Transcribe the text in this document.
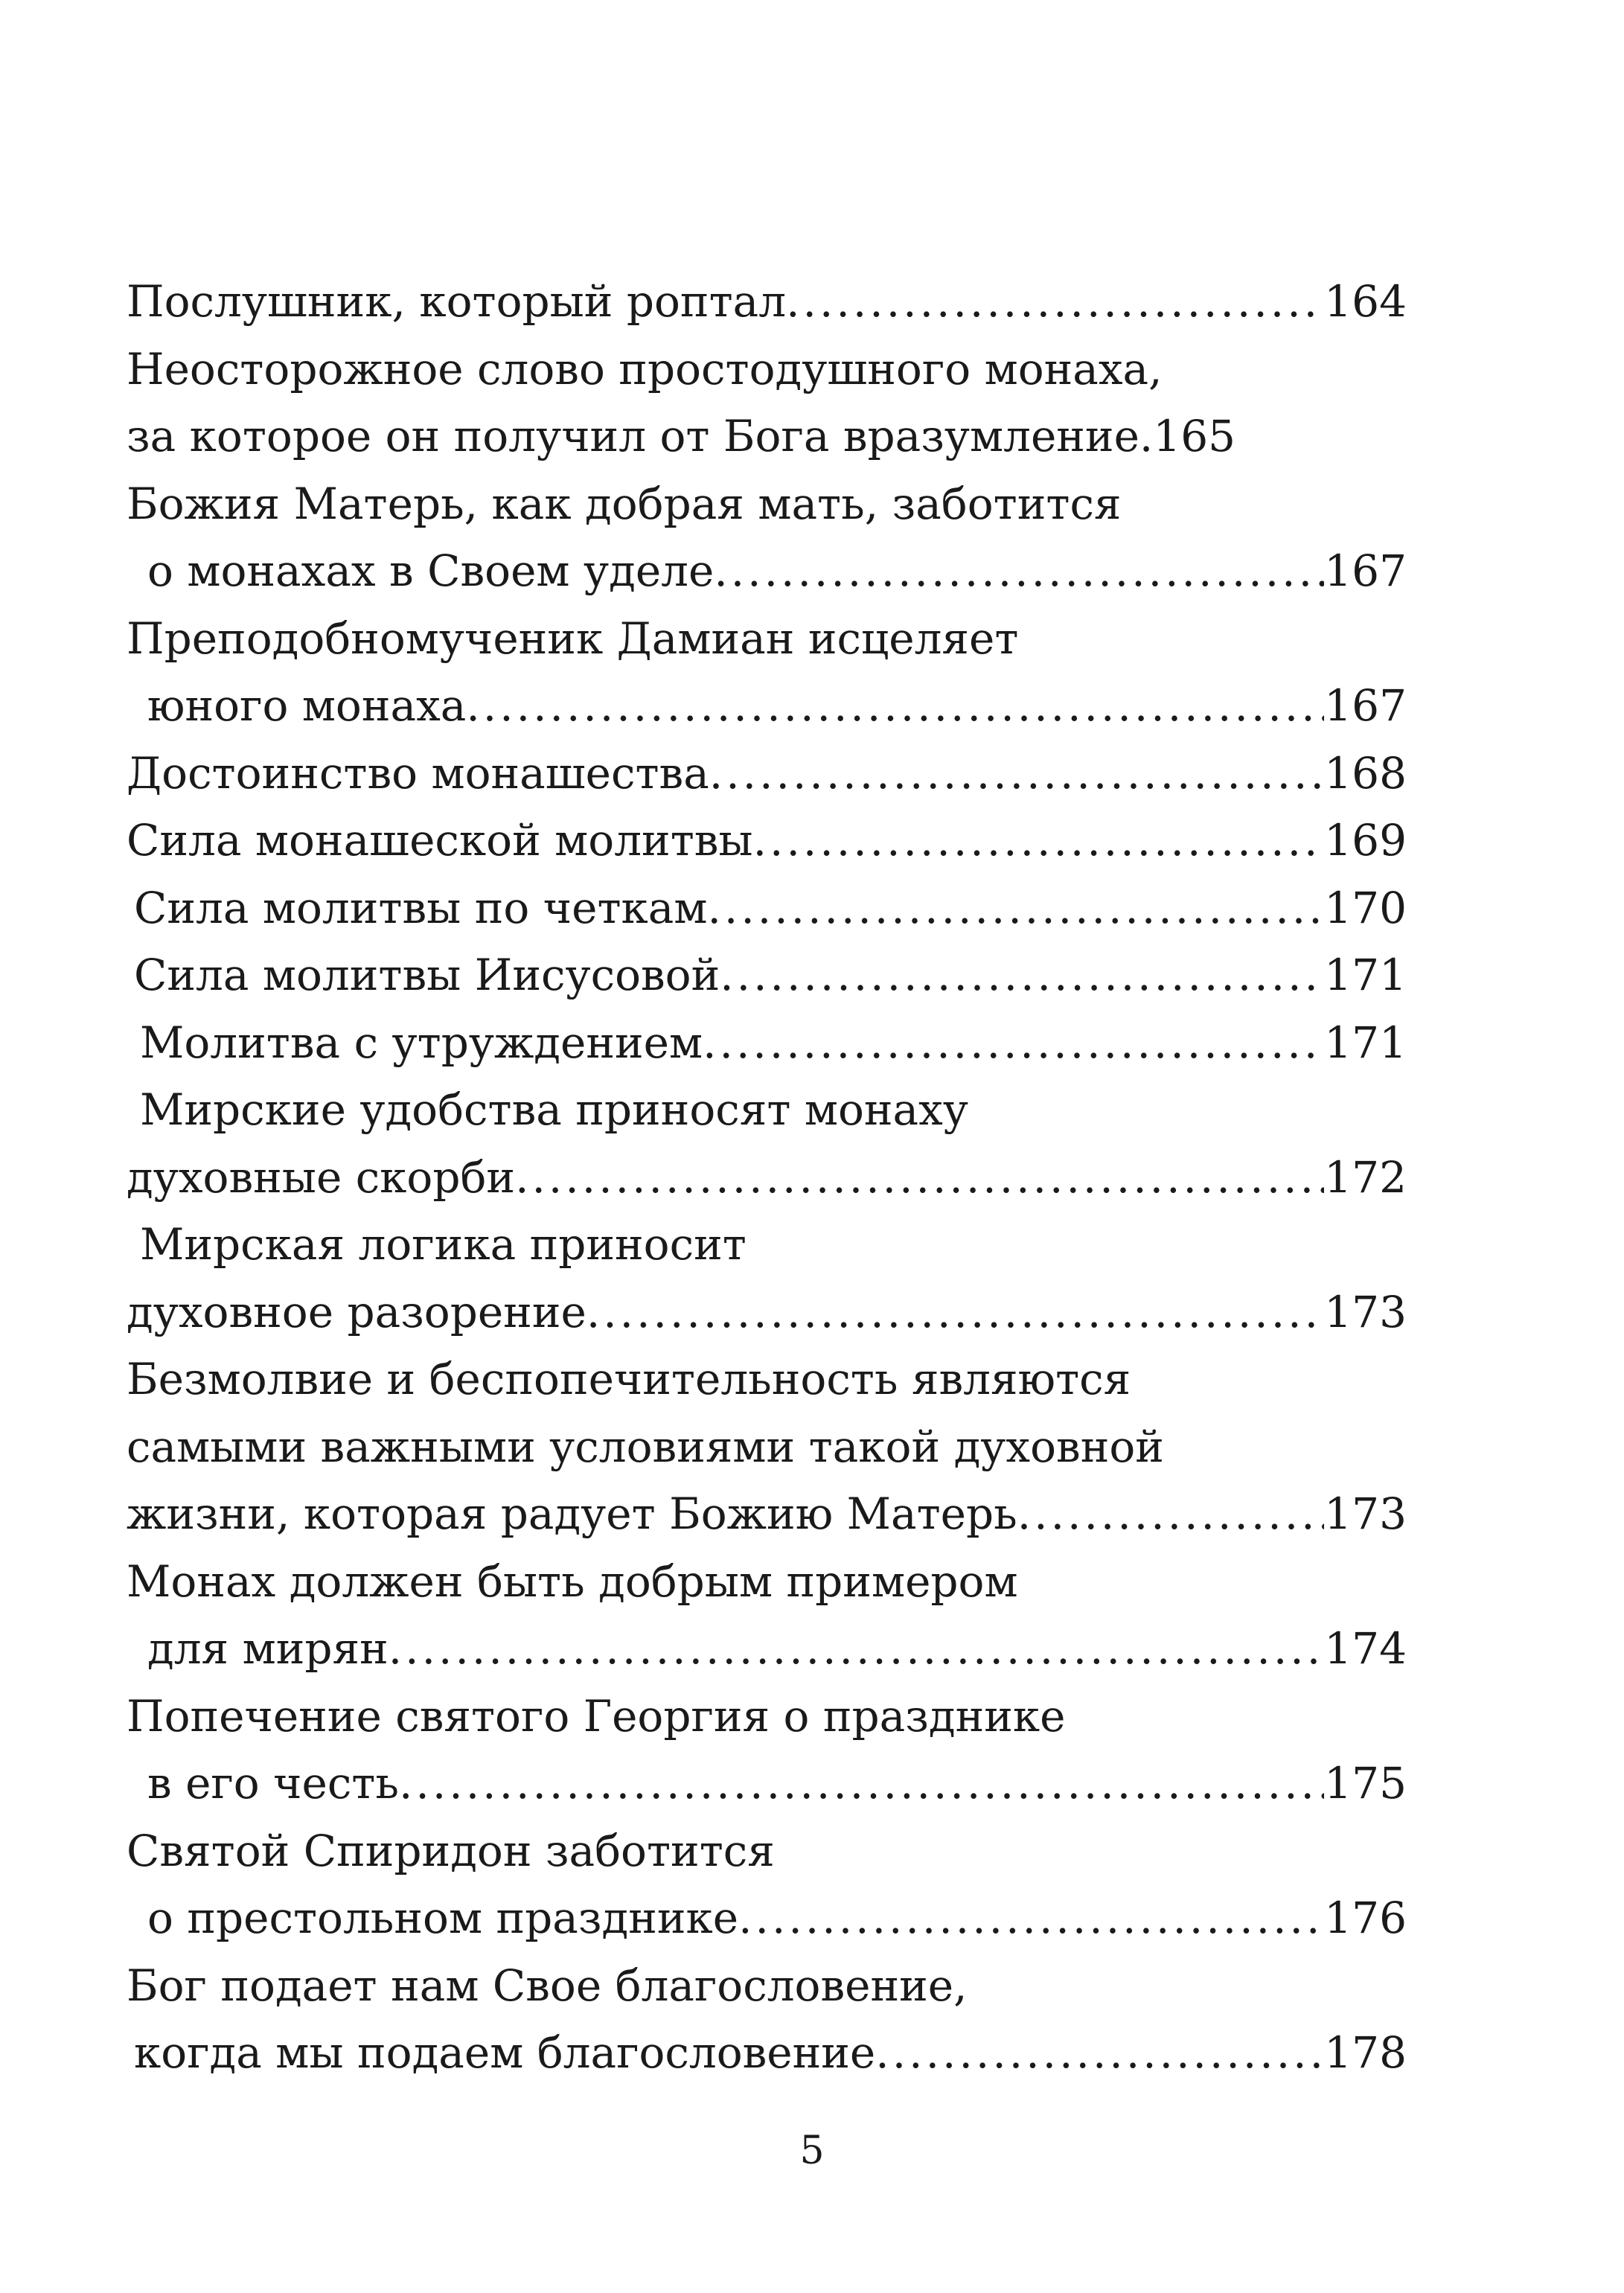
Послушник, который роптал .....	164
Неосторожное слово простодушного монаха,
за которое он получил от Бога вразумление. 165
Божия Матерь, как добрая мать, заботится
о монахах в Своем уделе .....	167
Преподобномученик Дамиан исцеляет
юного монаха .....	167
Достоинство монашества .....	168
Сила монашеской молитвы .....	169
Сила молитвы по четкам .....	170
Сила молитвы Иисусовой .....	171
Молитва с утруждением .....	171
Мирские удобства приносят монаху
духовные скорби .....	172
Мирская логика приносит
духовное разорение .....	173
Безмолвие и беспопечительность являются
самыми важными условиями такой духовной
жизни, которая радует Божию Матерь .....	173
Монах должен быть добрым примером
для мирян .....	174
Попечение святого Георгия о празднике
в его честь .....	175
Святой Спиридон заботится
о престольном празднике .....	176
Бог подает нам Свое благословение,
когда мы подаем благословение .....	178
5
